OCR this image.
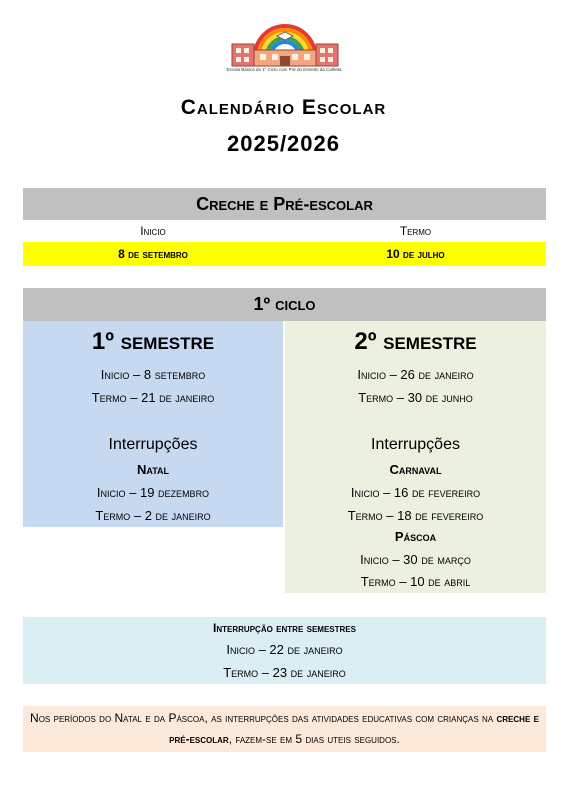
Escola Básica do 1º Ciclo com Pré do Estreito da Calheta
Calendário Escolar
2025/2026
Creche e Pré-escolar
Inicio	Termo
8 de setembro	10 de julho
1º ciclo
1º semestre
Inicio – 8 setembro
Termo – 21 de janeiro
Interrupções
Natal
Inicio – 19 dezembro
Termo – 2 de janeiro
2º semestre
Inicio – 26 de janeiro
Termo – 30 de junho
Interrupções
Carnaval
Inicio – 16 de fevereiro
Termo – 18 de fevereiro
Páscoa
Inicio – 30 de março
Termo – 10 de abril
Interrupção entre semestres
Inicio – 22 de janeiro
Termo – 23 de janeiro
Nos períodos do Natal e da Páscoa, as interrupções das atividades educativas com crianças na creche e pré-escolar, fazem-se em 5 dias uteis seguidos.
